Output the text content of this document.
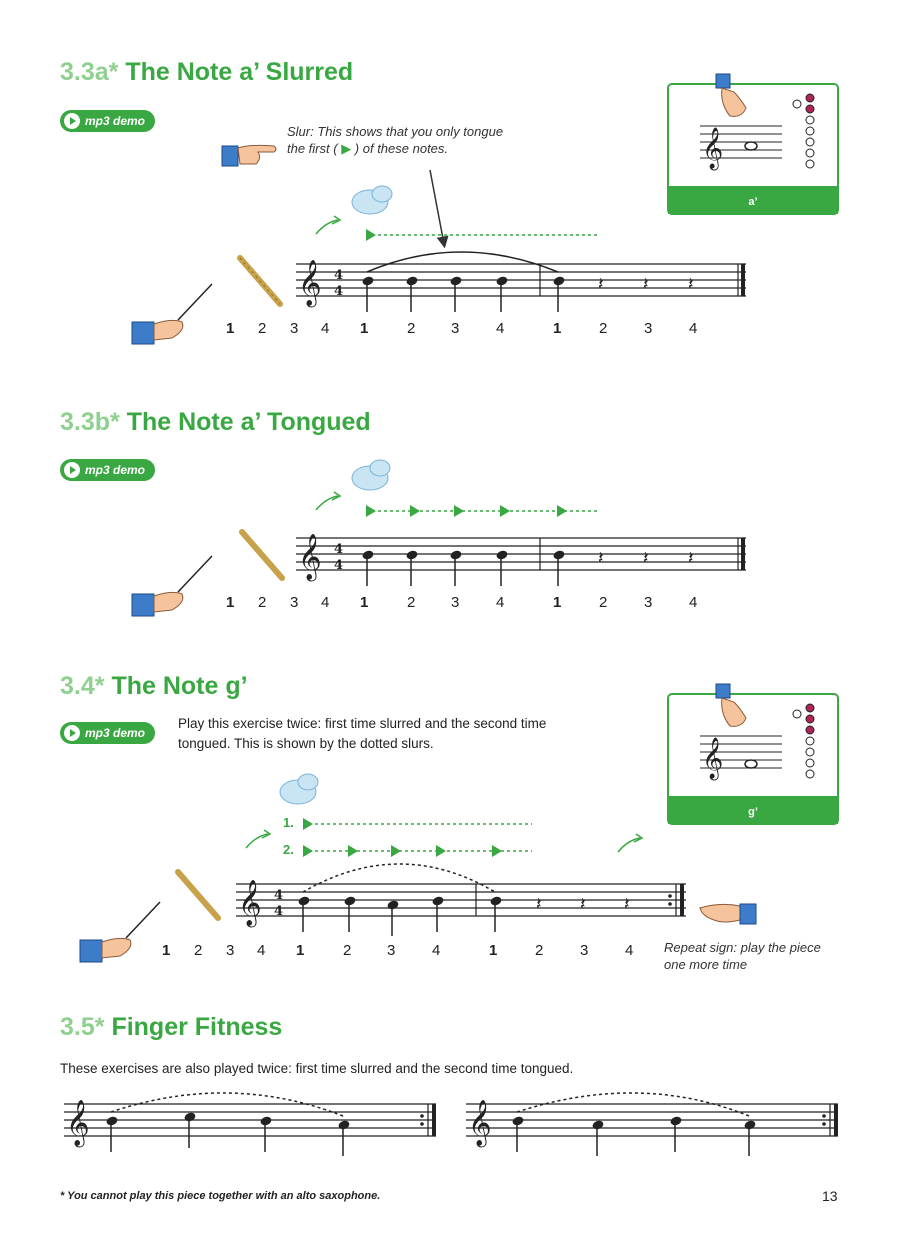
3.3a* The Note a’ Slurred
mp3 demo
Slur: This shows that you only tongue
the first ( ▶ ) of these notes.
𝄞 4
4	𝄽 𝄽 𝄽
𝄞
a’
𝄞 4
4	𝄽 𝄽 𝄽
𝄞
g’
𝄞 4
4	𝄽 𝄽 𝄽
𝄞	𝄞
1 2 3 4 1	2 3 4	1	2 3 4
3.3b* The Note a’ Tongued
mp3 demo
1 2 3 4 1	2 3 4	1	2 3 4
3.4* The Note g’
mp3 demo
Play this exercise twice: first time slurred and the second time
tongued. This is shown by the dotted slurs.
1.
2.
1 2 3 4 1	2 3 4	1	2 3 4 Repeat sign: play the piece
one more time
3.5* Finger Fitness
These exercises are also played twice: first time slurred and the second time tongued.
* You cannot play this piece together with an alto saxophone.	13
